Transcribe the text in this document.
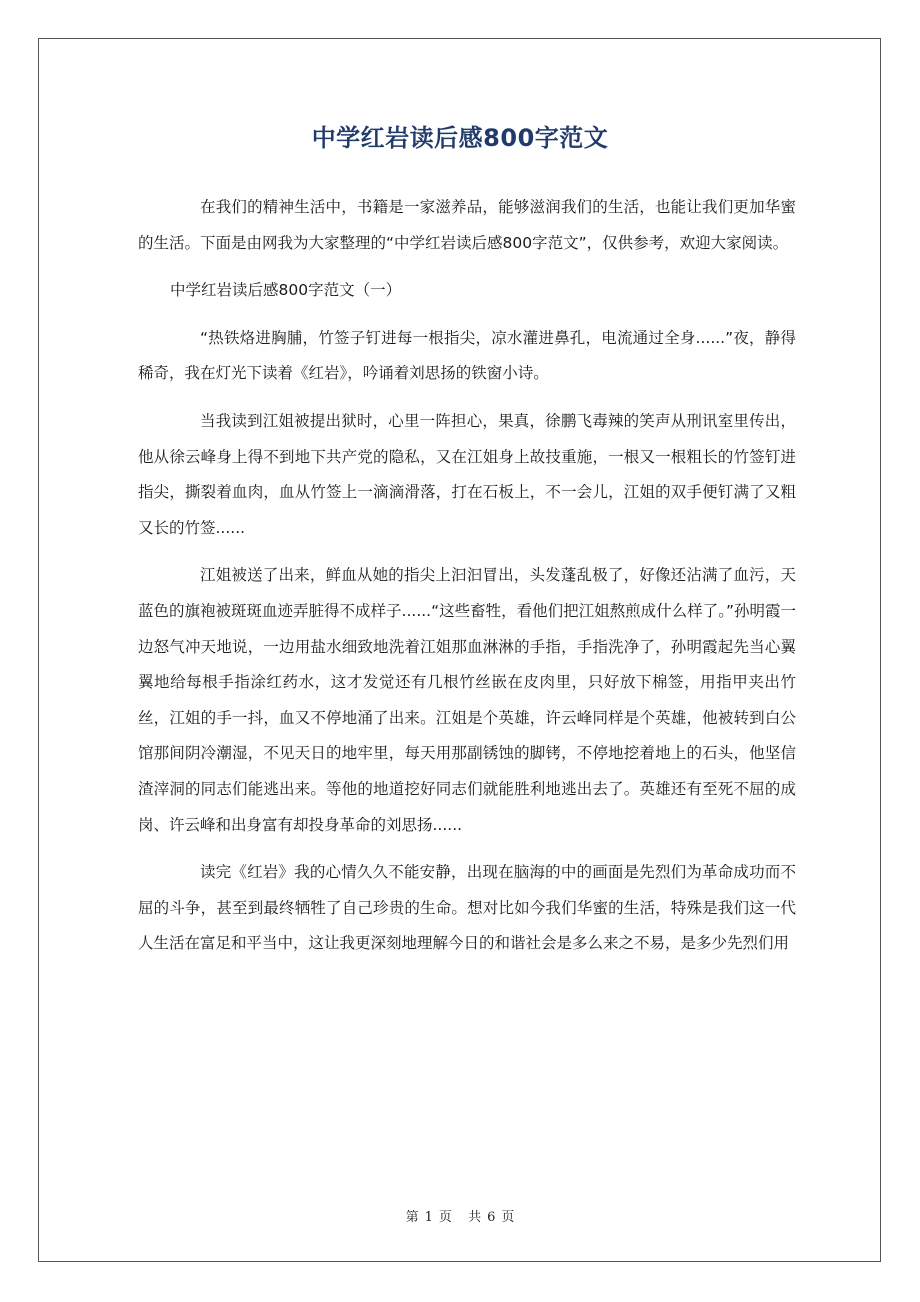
中学红岩读后感800字范文

在我们的精神生活中，书籍是一家滋养品，能够滋润我们的生活，也能让我们更加华蜜的生活。下面是由网我为大家整理的“中学红岩读后感800字范文”，仅供参考，欢迎大家阅读。

中学红岩读后感800字范文（一）

“热铁烙进胸脯，竹签子钉进每一根指尖，凉水灌进鼻孔，电流通过全身......”夜，静得稀奇，我在灯光下读着《红岩》，吟诵着刘思扬的铁窗小诗。

当我读到江姐被提出狱时，心里一阵担心，果真，徐鹏飞毒辣的笑声从刑讯室里传出，他从徐云峰身上得不到地下共产党的隐私，又在江姐身上故技重施，一根又一根粗长的竹签钉进指尖，撕裂着血肉，血从竹签上一滴滴滑落，打在石板上，不一会儿，江姐的双手便钉满了又粗又长的竹签......

江姐被送了出来，鲜血从她的指尖上汩汩冒出，头发蓬乱极了，好像还沾满了血污，天蓝色的旗袍被斑斑血迹弄脏得不成样子......“这些畜牲，看他们把江姐熬煎成什么样了。”孙明霞一边怒气冲天地说，一边用盐水细致地洗着江姐那血淋淋的手指，手指洗净了，孙明霞起先当心翼翼地给每根手指涂红药水，这才发觉还有几根竹丝嵌在皮肉里，只好放下棉签，用指甲夹出竹丝，江姐的手一抖，血又不停地涌了出来。江姐是个英雄，许云峰同样是个英雄，他被转到白公馆那间阴冷潮湿，不见天日的地牢里，每天用那副锈蚀的脚铐，不停地挖着地上的石头，他坚信渣滓洞的同志们能逃出来。等他的地道挖好同志们就能胜利地逃出去了。英雄还有至死不屈的成岗、许云峰和出身富有却投身革命的刘思扬......

读完《红岩》我的心情久久不能安静，出现在脑海的中的画面是先烈们为革命成功而不屈的斗争，甚至到最终牺牲了自己珍贵的生命。想对比如今我们华蜜的生活，特殊是我们这一代人生活在富足和平当中，这让我更深刻地理解今日的和谐社会是多么来之不易，是多少先烈们用

第 1 页 共 6 页
